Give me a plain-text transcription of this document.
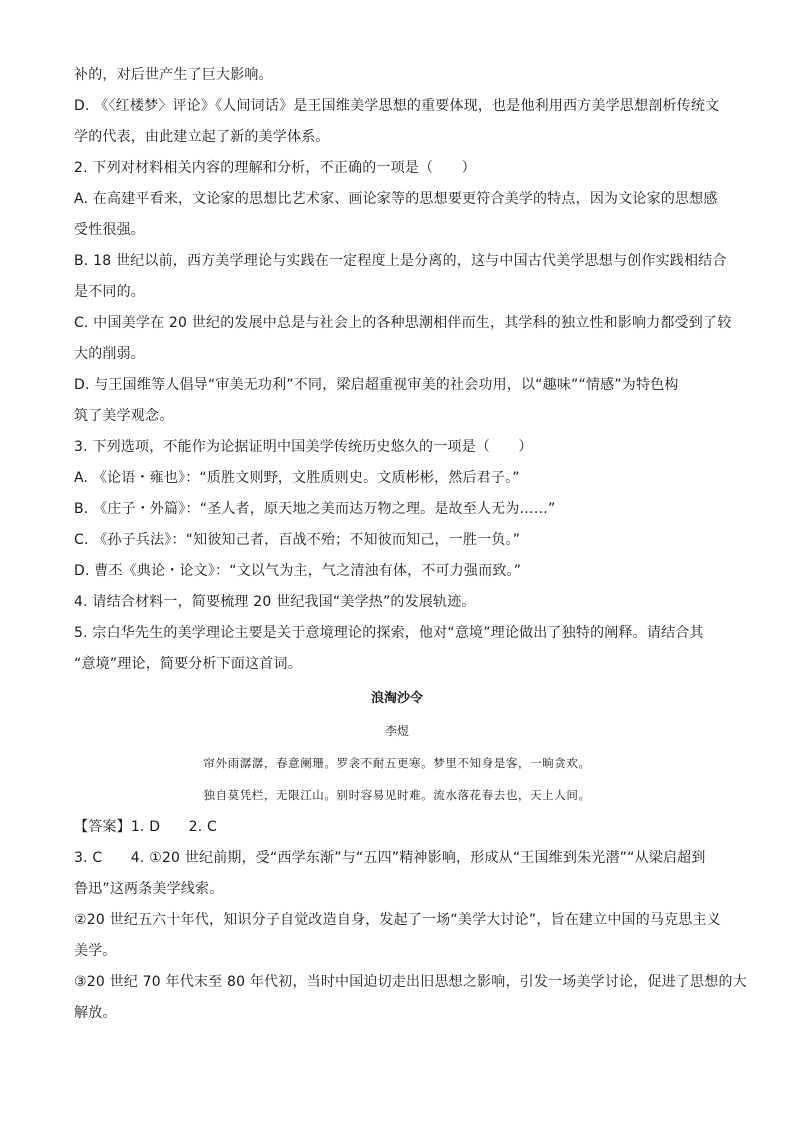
补的，对后世产生了巨大影响。
D. 《〈红楼梦〉评论》《人间词话》是王国维美学思想的重要体现，也是他利用西方美学思想剖析传统文
学的代表，由此建立起了新的美学体系。
2. 下列对材料相关内容的理解和分析，不正确的一项是（　　）
A. 在高建平看来，文论家的思想比艺术家、画论家等的思想要更符合美学的特点，因为文论家的思想感
受性很强。
B. 18 世纪以前，西方美学理论与实践在一定程度上是分离的，这与中国古代美学思想与创作实践相结合
是不同的。
C. 中国美学在 20 世纪的发展中总是与社会上的各种思潮相伴而生，其学科的独立性和影响力都受到了较
大的削弱。
D. 与王国维等人倡导“审美无功利”不同，梁启超重视审美的社会功用，以“趣味”“情感”为特色构
筑了美学观念。
3. 下列选项，不能作为论据证明中国美学传统历史悠久的一项是（　　）
A. 《论语・雍也》：“质胜文则野，文胜质则史。文质彬彬，然后君子。”
B. 《庄子・外篇》：“圣人者，原天地之美而达万物之理。是故至人无为……”
C. 《孙子兵法》：“知彼知己者，百战不殆；不知彼而知己，一胜一负。”
D. 曹丕《典论・论文》：“文以气为主，气之清浊有体，不可力强而致。”
4. 请结合材料一，简要梳理 20 世纪我国“美学热”的发展轨迹。
5. 宗白华先生的美学理论主要是关于意境理论的探索，他对“意境”理论做出了独特的阐释。请结合其
“意境”理论，简要分析下面这首词。
浪淘沙令
李煜
帘外雨潺潺，春意阑珊。罗衾不耐五更寒。梦里不知身是客，一晌贪欢。
独自莫凭栏，无限江山。别时容易见时难。流水落花春去也，天上人间。
【答案】1. D　　2. C
3. C　　4. ①20 世纪前期，受“西学东渐”与“五四”精神影响，形成从“王国维到朱光潜”“从梁启超到
鲁迅”这两条美学线索。
②20 世纪五六十年代，知识分子自觉改造自身，发起了一场“美学大讨论”，旨在建立中国的马克思主义
美学。
③20 世纪 70 年代末至 80 年代初，当时中国迫切走出旧思想之影响，引发一场美学讨论，促进了思想的大
解放。
